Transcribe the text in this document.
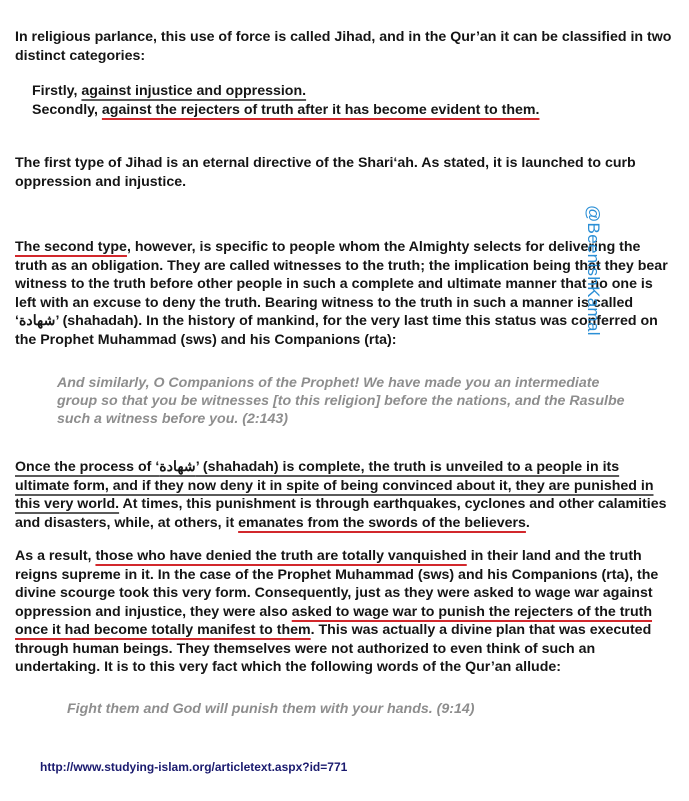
In religious parlance, this use of force is called Jihad, and in the Qur’an it can be classified in two distinct categories:
Firstly, against injustice and oppression.
Secondly, against the rejecters of truth after it has become evident to them.
The first type of Jihad is an eternal directive of the Shari‘ah. As stated, it is launched to curb oppression and injustice.
The second type, however, is specific to people whom the Almighty selects for delivering the truth as an obligation. They are called witnesses to the truth; the implication being that they bear witness to the truth before other people in such a complete and ultimate manner that no one is left with an excuse to deny the truth. Bearing witness to the truth in such a manner is called ‘شهادة’ (shahadah). In the history of mankind, for the very last time this status was conferred on the Prophet Muhammad (sws) and his Companions (rta):
And similarly, O Companions of the Prophet! We have made you an intermediate group so that you be witnesses [to this religion] before the nations, and the Rasulbe such a witness before you. (2:143)
Once the process of ‘شهادة’ (shahadah) is complete, the truth is unveiled to a people in its ultimate form, and if they now deny it in spite of being convinced about it, they are punished in this very world. At times, this punishment is through earthquakes, cyclones and other calamities and disasters, while, at others, it emanates from the swords of the believers.
As a result, those who have denied the truth are totally vanquished in their land and the truth reigns supreme in it. In the case of the Prophet Muhammad (sws) and his Companions (rta), the divine scourge took this very form. Consequently, just as they were asked to wage war against oppression and injustice, they were also asked to wage war to punish the rejecters of the truth once it had become totally manifest to them. This was actually a divine plan that was executed through human beings. They themselves were not authorized to even think of such an undertaking. It is to this very fact which the following words of the Qur’an allude:
Fight them and God will punish them with your hands. (9:14)
http://www.studying-islam.org/articletext.aspx?id=771
@BeenishKamal
